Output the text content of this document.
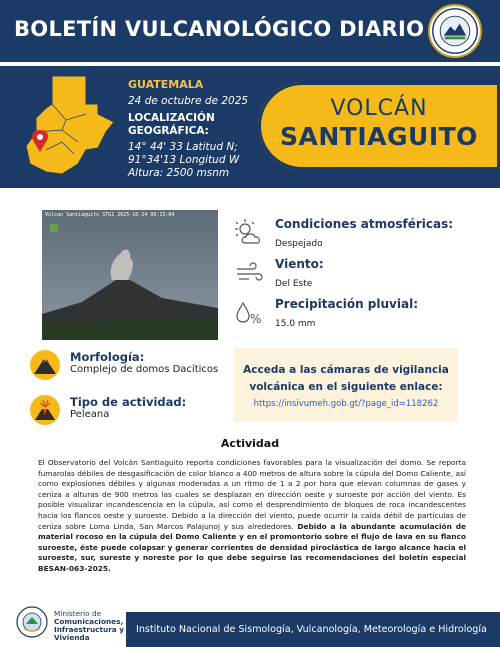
BOLETÍN VULCANOLÓGICO DIARIO
GUATEMALA
24 de octubre de 2025
LOCALIZACIÓN
GEOGRÁFICA:
14° 44' 33 Latitud N;
91°34'13 Longitud W
Altura: 2500 msnm
VOLCÁN
SANTIAGUITO
Volcan Santiaguito STG1 2025-10-24 06:15:04
Condiciones atmosféricas:
Despejado
Viento:
Del Este
%
Precipitación pluvial:
15.0 mm
Morfología:
Complejo de domos Dacíticos
Tipo de actividad:
Peleana
Acceda a las cámaras de vigilancia
volcánica en el siguiente enlace:
https://insivumeh.gob.gt/?page_id=118262
Actividad
El Observatorio del Volcán Santiaguito reporta condiciones favorables para la visualización del domo. Se reporta fumarolas débiles de desgasificación de color blanco a 400 metros de altura sobre la cúpula del Domo Caliente, así como explosiones débiles y algunas moderadas a un ritmo de 1 a 2 por hora que elevan columnas de gases y ceniza a alturas de 900 metros las cuales se desplazan en dirección oeste y suroeste por acción del viento. Es posible visualizar incandescencia en la cúpula, así como el desprendimiento de bloques de roca incandescentes hacia los flancos oeste y suroeste. Debido a la dirección del viento, puede ocurrir la caída débil de partículas de ceniza sobre Loma Linda, San Marcos Palajunoj y sus alrededores. Debido a la abundante acumulación de material rocoso en la cúpula del Domo Caliente y en el promontorio sobre el flujo de lava en su flanco suroeste, éste puede colapsar y generar corrientes de densidad piroclástica de largo alcance hacia el suroeste, sur, sureste y noreste por lo que debe seguirse las recomendaciones del boletín especial BESAN-063-2025.
Ministerio de
Comunicaciones,
Infraestructura y
Vivienda
Instituto Nacional de Sismología, Vulcanología, Meteorología e Hidrología
